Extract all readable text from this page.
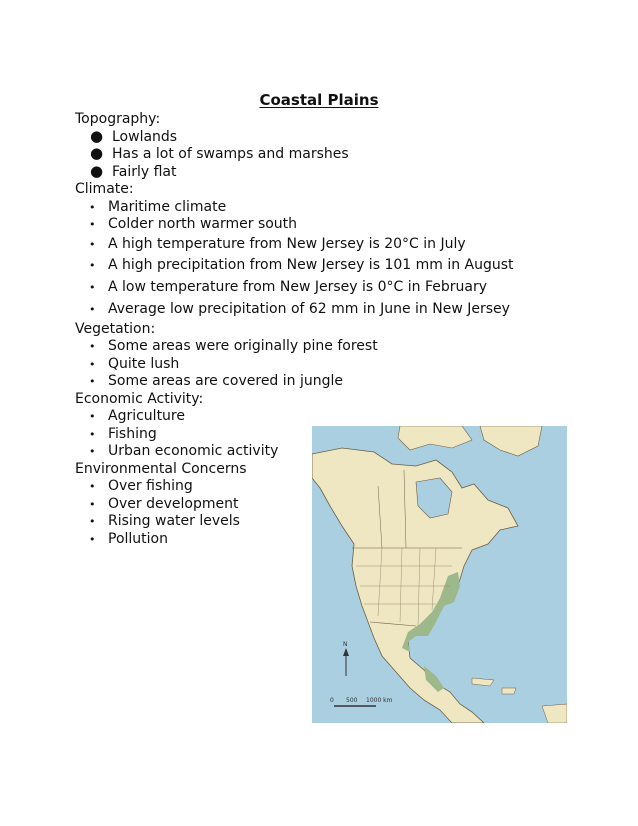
Coastal Plains
Topography:
● Lowlands
● Has a lot of swamps and marshes
● Fairly flat
Climate:
• Maritime climate
• Colder north warmer south
• A high temperature from New Jersey is 20°C in July
• A high precipitation from New Jersey is 101 mm in August
• A low temperature from New Jersey is 0°C in February
• Average low precipitation of 62 mm in June in New Jersey
Vegetation:
• Some areas were originally pine forest
• Quite lush
• Some areas are covered in jungle
Economic Activity:
• Agriculture
• Fishing
• Urban economic activity
Environmental Concerns
• Over fishing
• Over development
• Rising water levels
• Pollution
N
0 500 1000 km
